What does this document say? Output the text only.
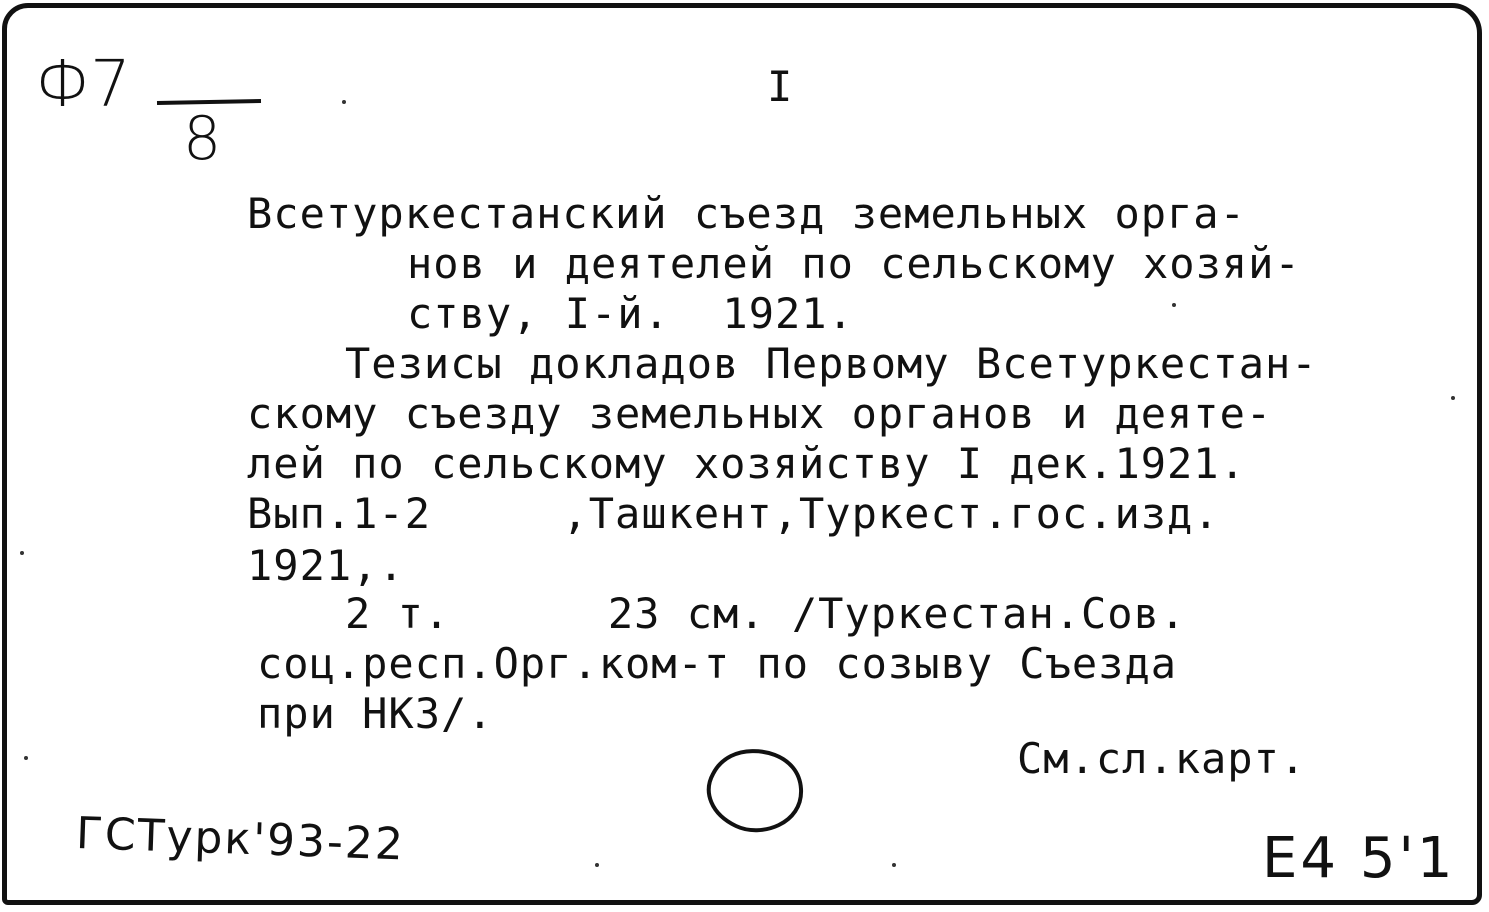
Ф7
8
I
Всетуркестанский съезд земельных орга-
нов и деятелей по сельскому хозяй-
ству, I-й.  1921.
Тезисы докладов Первому Всетуркестан-
скому съезду земельных органов и деяте-
лей по сельскому хозяйству I дек.1921.
Вып.1-2     ,Ташкент,Туркест.гос.изд.
1921,.
2 т.      23 см. /Туркестан.Сов.
соц.респ.Орг.ком-т по созыву Съезда
при НКЗ/.
См.сл.карт.
ГСТурк'93-22	Е4 5'1
